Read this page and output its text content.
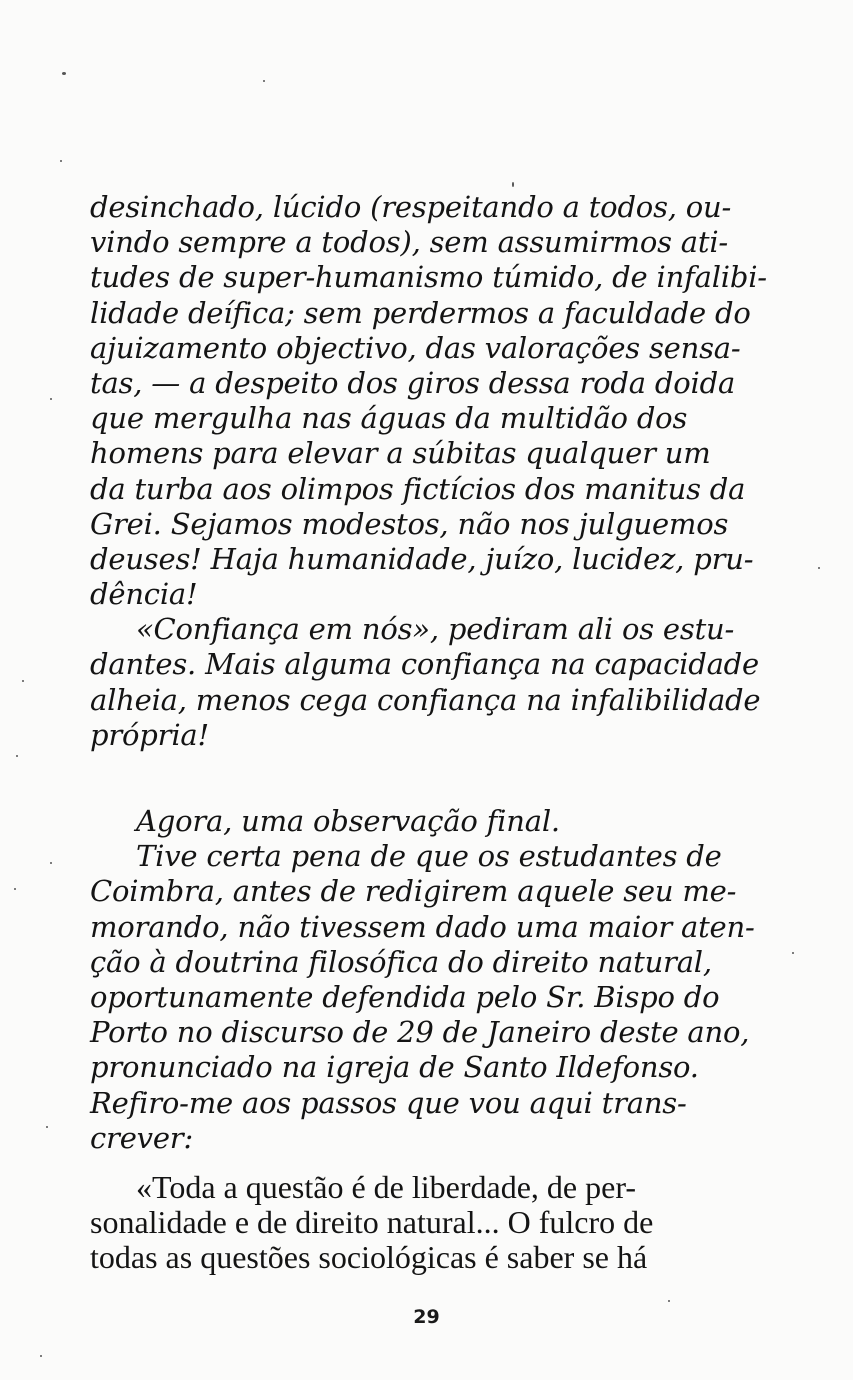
desinchado, lúcido (respeitando a todos, ou-
vindo sempre a todos), sem assumirmos ati-
tudes de super-humanismo túmido, de infalibi-
lidade deífica; sem perdermos a faculdade do
ajuizamento objectivo, das valorações sensa-
tas, — a despeito dos giros dessa roda doida
que mergulha nas águas da multidão dos
homens para elevar a súbitas qualquer um
da turba aos olimpos fictícios dos manitus da
Grei. Sejamos modestos, não nos julguemos
deuses! Haja humanidade, juízo, lucidez, pru-
dência!
«Confiança em nós», pediram ali os estu-
dantes. Mais alguma confiança na capacidade
alheia, menos cega confiança na infalibilidade
própria!
Agora, uma observação final.
Tive certa pena de que os estudantes de
Coimbra, antes de redigirem aquele seu me-
morando, não tivessem dado uma maior aten-
ção à doutrina filosófica do direito natural,
oportunamente defendida pelo Sr. Bispo do
Porto no discurso de 29 de Janeiro deste ano,
pronunciado na igreja de Santo Ildefonso.
Refiro-me aos passos que vou aqui trans-
crever:
«Toda a questão é de liberdade, de per-
sonalidade e de direito natural... O fulcro de
todas as questões sociológicas é saber se há
29
